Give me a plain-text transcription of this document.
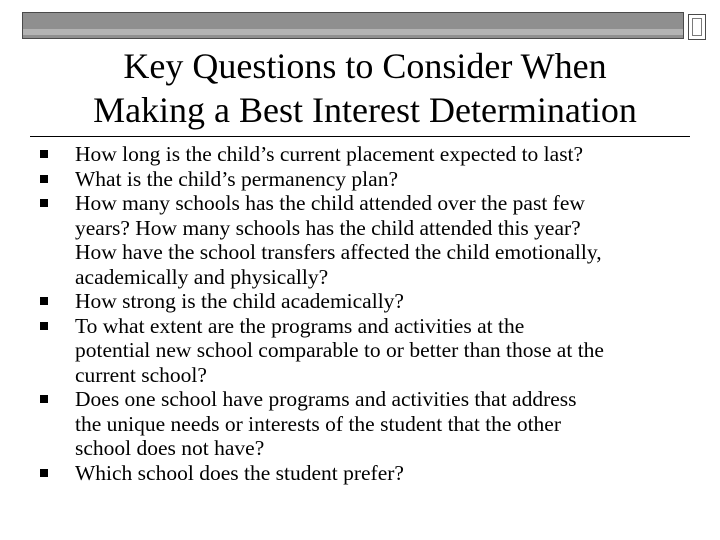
Key Questions to Consider When
Making a Best Interest Determination
How long is the child’s current placement expected to last?
What is the child’s permanency plan?
How many schools has the child attended over the past few
years? How many schools has the child attended this year?
How have the school transfers affected the child emotionally,
academically and physically?
How strong is the child academically?
To what extent are the programs and activities at the
potential new school comparable to or better than those at the
current school?
Does one school have programs and activities that address
the unique needs or interests of the student that the other
school does not have?
Which school does the student prefer?
